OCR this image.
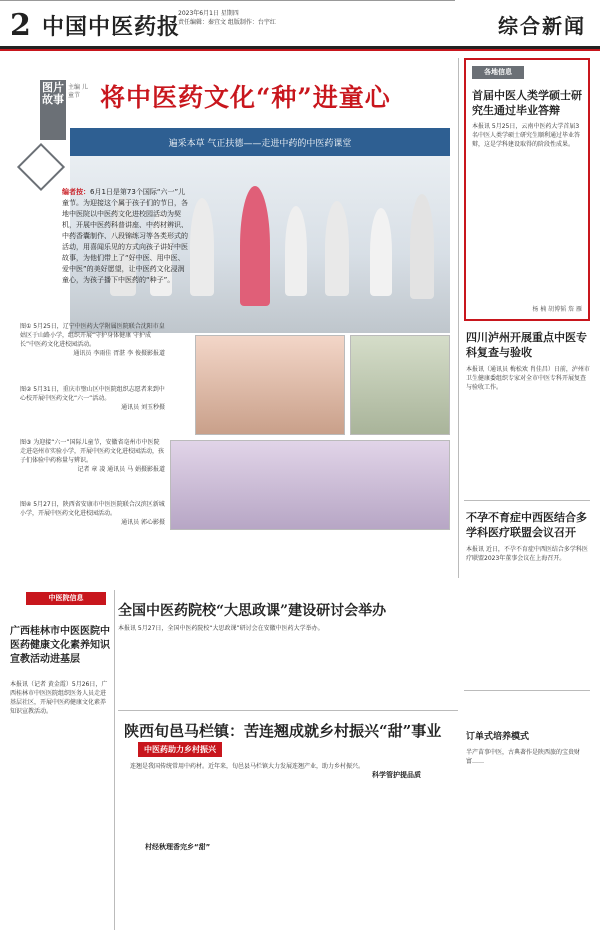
2 中国中医药报
2023年6月1日 星期四
责任编辑：秦宜文 组版制作：台宇红	综合新闻
图片故事
主编 儿童节 将中医药文化“种”进童心
遍采本草 气正扶德——走进中药的中医药课堂
编者按：6月1日是第73个国际“六一”儿童节。为迎接这个属于孩子们的节日，各地中医院以中医药文化进校园活动为契机，开展中医药科普讲座、中药材辨识、中药香囊制作、八段锦练习等各类形式的活动，用喜闻乐见的方式向孩子讲好中医故事，为他们带上了“好中医、用中医、爱中医”的美好愿望，让中医药文化浸润童心，为孩子播下中医药的“种子”。
图① 5月25日，辽宁中医药大学附属医院联合沈阳市皇姑区于山路小学，组织开展“守护身体健康 守护成长”中医药文化进校园活动。
通讯员 李雨佳 胥湛 李 俊摄影报道
图② 5月31日，重庆市璧山区中医院组织志愿者来到中心校开展中医药文化“六一”活动。
通讯员 刘玉秒摄
图③ 为迎接“六一”国际儿童节，安徽省亳州市中医院走进亳州市实验小学，开展中医药文化进校园活动，孩子们体验中药称量与辨识。
记者 章 凌 通讯员 马 娟摄影报道
图④ 5月27日，陕西省安康市中医医院联合汉滨区新城小学，开展中医药文化进校园活动。
通讯员 郭心影摄
各地信息
首届中医人类学硕士研究生通过毕业答辩
本报讯 5月25日，云南中医药大学首届3名中医人类学硕士研究生顺利通过毕业答辩，这是学科建设取得的阶段性成果。
杨 楠 胡博韬 詹 雁
四川泸州开展重点中医专科复查与验收
本报讯（通讯员 梅松欢 肖佳昌）日前，泸州市卫生健康委组织专家对全市中医专科开展复查与验收工作。
不孕不育症中西医结合多学科医疗联盟会议召开
本报讯 近日，不孕不育症中西医结合多学科医疗联盟2023年董事会议在上海召开。
订单式培养模式
半产苗事中医，古典著作是陕西旅的宝贵财富……
中医院信息
全国中医药院校“大思政课”建设研讨会举办
本报讯 5月27日，全国中医药院校“大思政课”研讨会在安徽中医药大学举办。
广西桂林市中医医院中医药健康文化素养知识宣教活动进基层
本报讯（记者 黄金霞）5月26日，广西桂林市中医医院组织医务人员走进基层社区，开展中医药健康文化素养知识宣教活动。
陕西旬邑马栏镇：苦连翘成就乡村振兴“甜”事业
中医药助力乡村振兴
连翘是我国传统常用中药材。近年来，旬邑县马栏镇大力发展连翘产业，助力乡村振兴。
村经秋理香完乡“甜”
科学管护提品质
